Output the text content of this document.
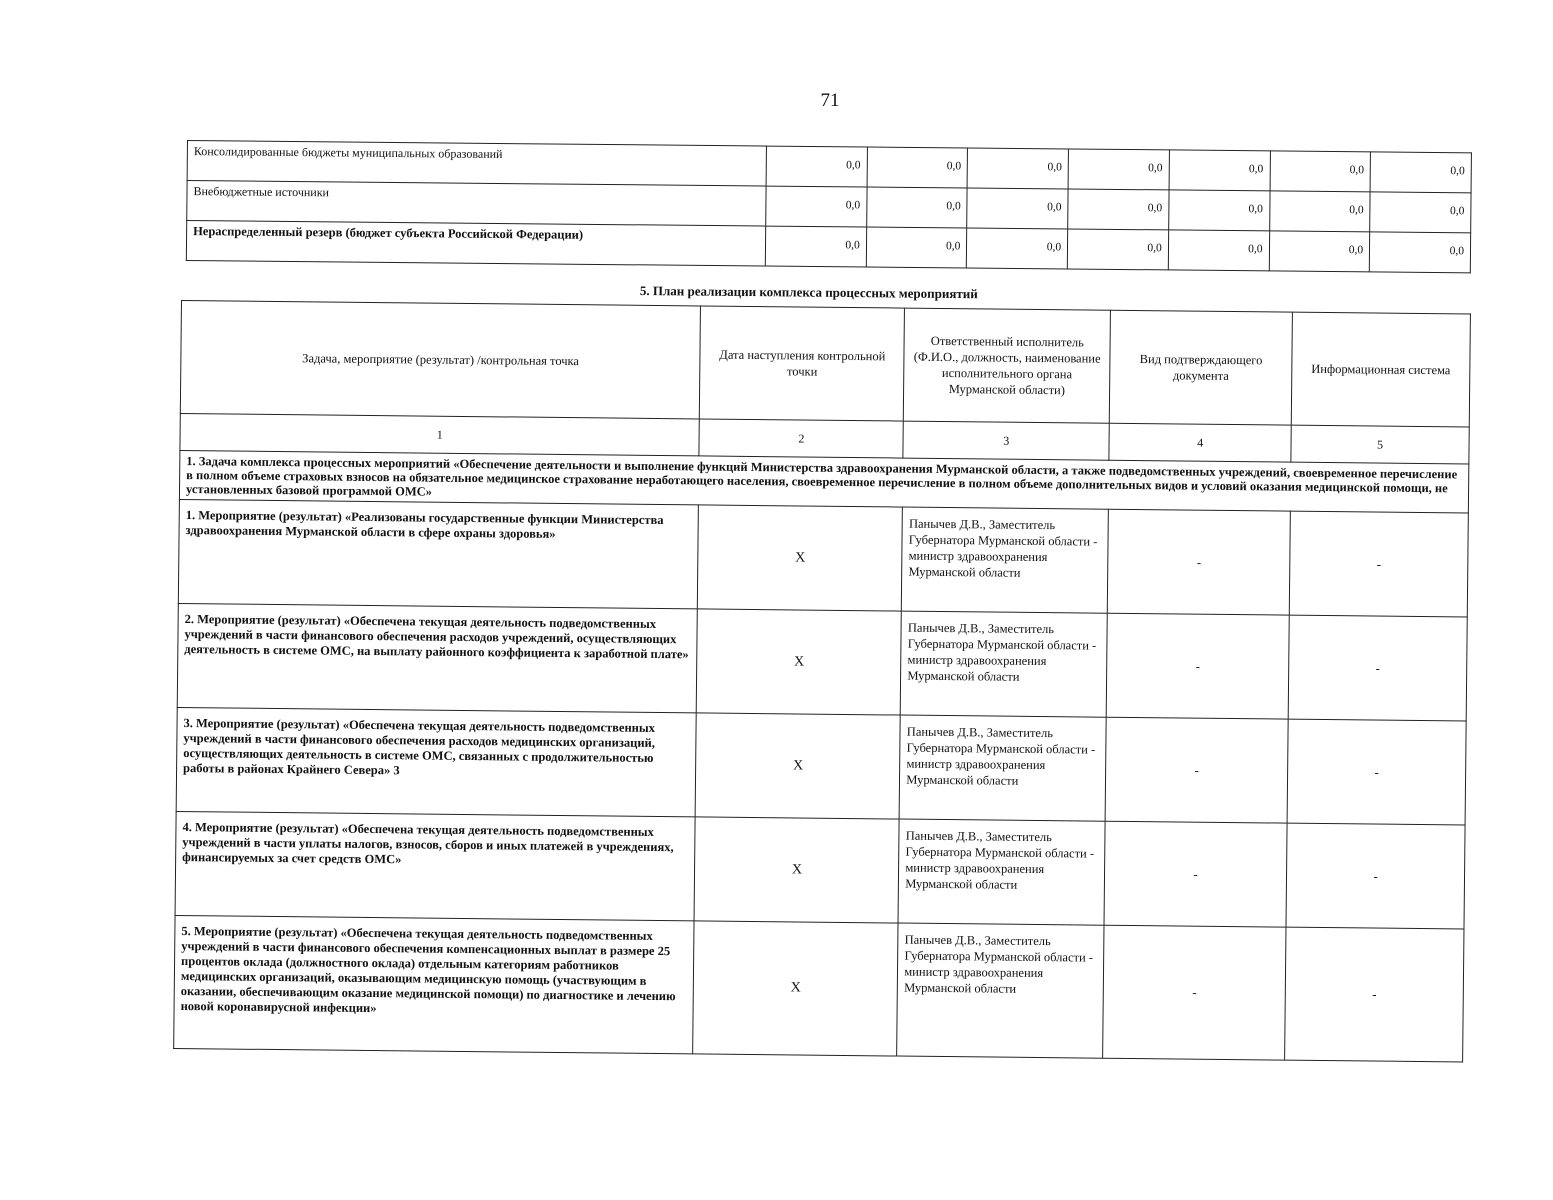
71
Консолидированные бюджеты муниципальных образований	0,0	0,0	0,0	0,0	0,0	0,0	0,0
Внебюджетные источники	0,0	0,0	0,0	0,0	0,0	0,0	0,0
Нераспределенный резерв (бюджет субъекта Российской Федерации)	0,0	0,0	0,0	0,0	0,0	0,0	0,0
5. План реализации комплекса процессных мероприятий
Задача, мероприятие (результат) /контрольная точка	Дата наступления контрольной точки	Ответственный исполнитель (Ф.И.О., должность, наименование исполнительного органа Мурманской области)	Вид подтверждающего документа	Информационная система
1	2	3	4	5
1. Задача комплекса процессных мероприятий «Обеспечение деятельности и выполнение функций Министерства здравоохранения Мурманской области, а также подведомственных учреждений, своевременное перечисление в полном объеме страховых взносов на обязательное медицинское страхование неработающего населения, своевременное перечисление в полном объеме дополнительных видов и условий оказания медицинской помощи, не установленных базовой программой ОМС»				
1. Мероприятие (результат) «Реализованы государственные функции Министерства здравоохранения Мурманской области в сфере охраны здоровья»	X	Панычев Д.В., Заместитель Губернатора Мурманской области - министр здравоохранения Мурманской области	-	-
2. Мероприятие (результат) «Обеспечена текущая деятельность подведомственных учреждений в части финансового обеспечения расходов учреждений, осуществляющих деятельность в системе ОМС, на выплату районного коэффициента к заработной плате»	X	Панычев Д.В., Заместитель Губернатора Мурманской области - министр здравоохранения Мурманской области	-	-
3. Мероприятие (результат) «Обеспечена текущая деятельность подведомственных учреждений в части финансового обеспечения расходов медицинских организаций, осуществляющих деятельность в системе ОМС, связанных с продолжительностью работы в районах Крайнего Севера» 3	X	Панычев Д.В., Заместитель Губернатора Мурманской области - министр здравоохранения Мурманской области	-	-
4. Мероприятие (результат) «Обеспечена текущая деятельность подведомственных учреждений в части уплаты налогов, взносов, сборов и иных платежей в учреждениях, финансируемых за счет средств ОМС»	X	Панычев Д.В., Заместитель Губернатора Мурманской области - министр здравоохранения Мурманской области	-	-
5. Мероприятие (результат) «Обеспечена текущая деятельность подведомственных учреждений в части финансового обеспечения компенсационных выплат в размере 25 процентов оклада (должностного оклада) отдельным категориям работников медицинских организаций, оказывающим медицинскую помощь (участвующим в оказании, обеспечивающим оказание медицинской помощи) по диагностике и лечению новой коронавирусной инфекции»	X	Панычев Д.В., Заместитель Губернатора Мурманской области - министр здравоохранения Мурманской области	-	-
